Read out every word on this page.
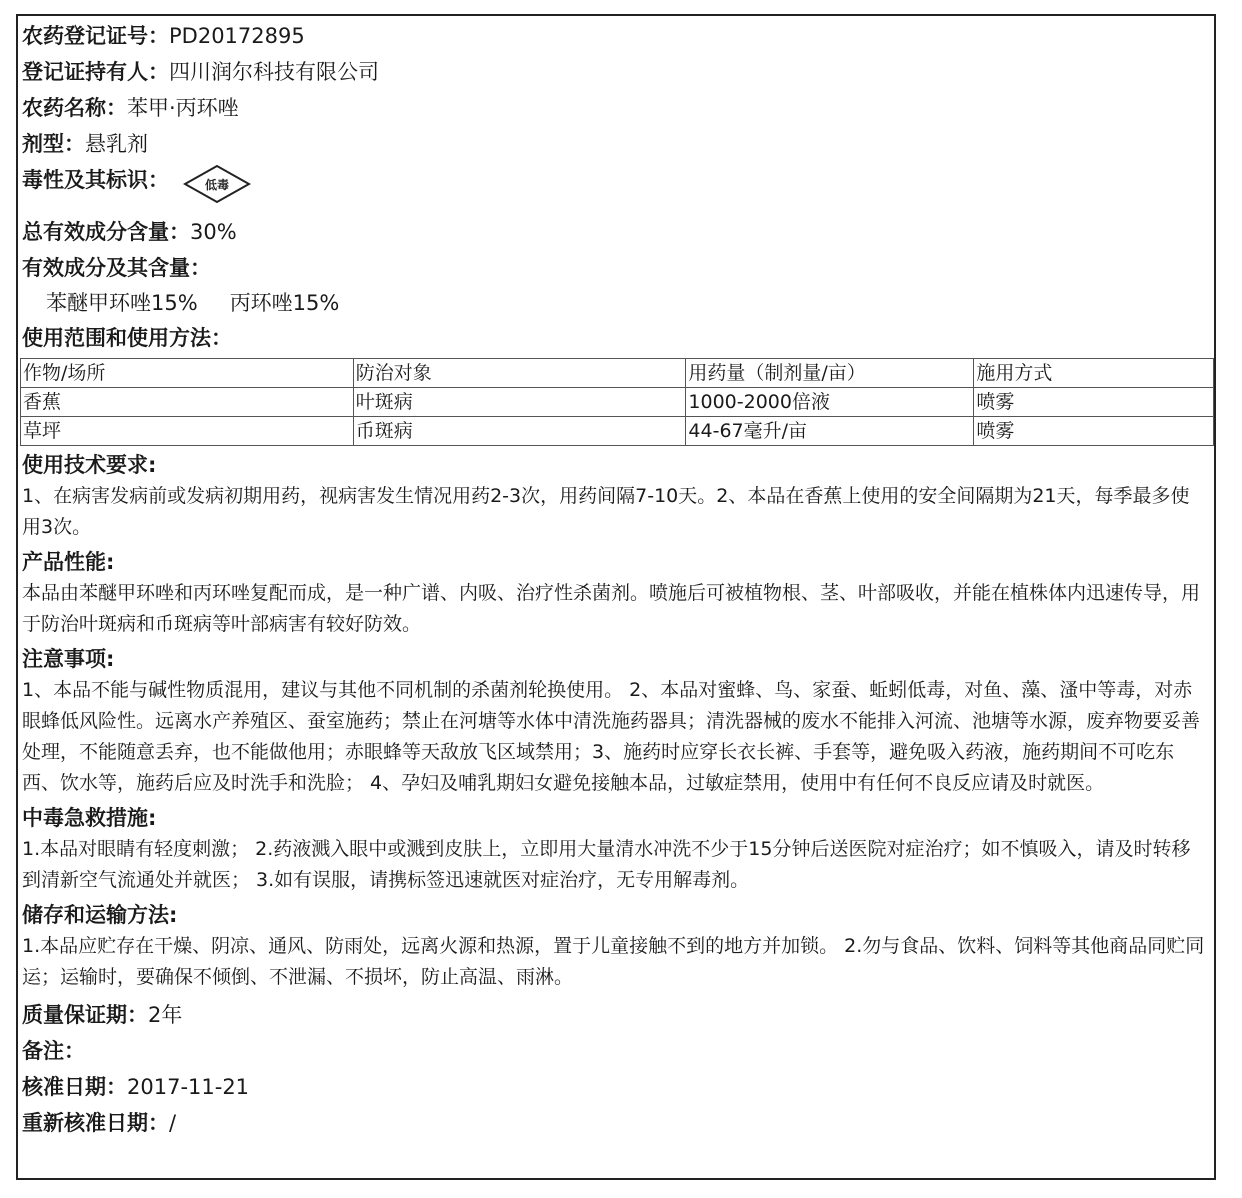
农药登记证号：PD20172895
登记证持有人：四川润尔科技有限公司
农药名称：苯甲·丙环唑
剂型：悬乳剂
毒性及其标识：	低毒
总有效成分含量：30%
有效成分及其含量：
苯醚甲环唑15% 丙环唑15%
使用范围和使用方法：
作物/场所	防治对象	用药量（制剂量/亩）	施用方式
香蕉	叶斑病	1000-2000倍液	喷雾
草坪	币斑病	44-67毫升/亩	喷雾
使用技术要求:
1、在病害发病前或发病初期用药，视病害发生情况用药2-3次，用药间隔7-10天。2、本品在香蕉上使用的安全间隔期为21天，每季最多使用3次。
产品性能:
本品由苯醚甲环唑和丙环唑复配而成，是一种广谱、内吸、治疗性杀菌剂。喷施后可被植物根、茎、叶部吸收，并能在植株体内迅速传导，用于防治叶斑病和币斑病等叶部病害有较好防效。
注意事项:
1、本品不能与碱性物质混用，建议与其他不同机制的杀菌剂轮换使用。 2、本品对蜜蜂、鸟、家蚕、蚯蚓低毒，对鱼、藻、溞中等毒，对赤眼蜂低风险性。远离水产养殖区、蚕室施药；禁止在河塘等水体中清洗施药器具；清洗器械的废水不能排入河流、池塘等水源，废弃物要妥善处理，不能随意丢弃，也不能做他用；赤眼蜂等天敌放飞区域禁用；3、施药时应穿长衣长裤、手套等，避免吸入药液，施药期间不可吃东西、饮水等，施药后应及时洗手和洗脸； 4、孕妇及哺乳期妇女避免接触本品，过敏症禁用，使用中有任何不良反应请及时就医。
中毒急救措施:
1.本品对眼睛有轻度刺激； 2.药液溅入眼中或溅到皮肤上，立即用大量清水冲洗不少于15分钟后送医院对症治疗；如不慎吸入，请及时转移到清新空气流通处并就医； 3.如有误服，请携标签迅速就医对症治疗，无专用解毒剂。
储存和运输方法:
1.本品应贮存在干燥、阴凉、通风、防雨处，远离火源和热源，置于儿童接触不到的地方并加锁。 2.勿与食品、饮料、饲料等其他商品同贮同运；运输时，要确保不倾倒、不泄漏、不损坏，防止高温、雨淋。
质量保证期：2年
备注：
核准日期：2017-11-21
重新核准日期：/
